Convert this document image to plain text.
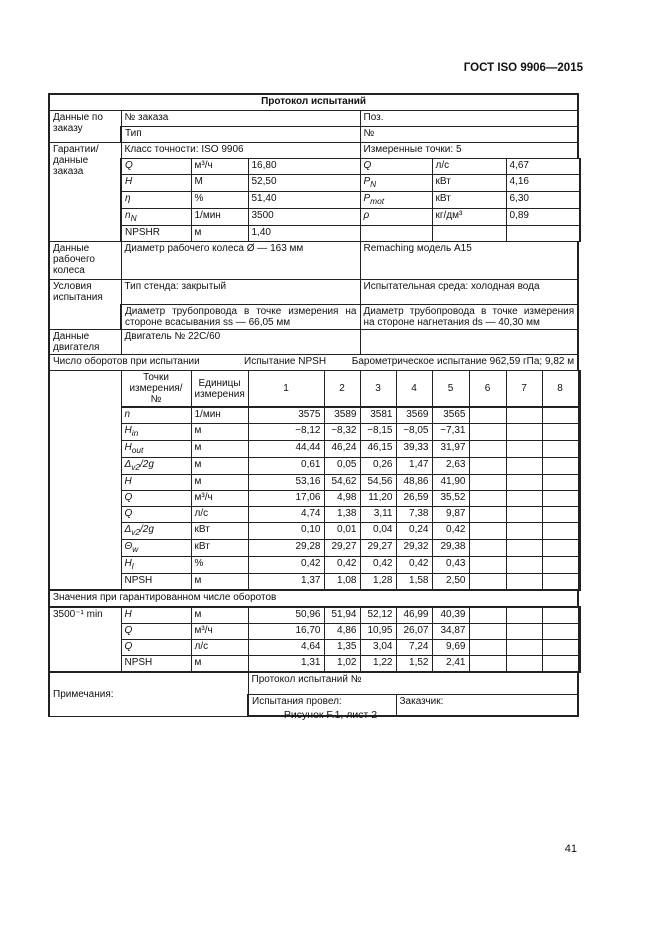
ГОСТ ISO 9906—2015
Протокол испытаний											
Данные по заказу	№ заказа				Поз.						
	Тип				№						
Гарантии/ данные заказа	Класс точности: ISO 9906				Измеренные точки: 5						
	Q	м³/ч	16,80		Q		л/с		4,67		
	H	М	52,50		$P_N$		кВт		4,16		
	η	%	51,40		$P_{mot}$		кВт		6,30		
	$n_N$	1/мин	3500		ρ		кг/дм³		0,89		
	NPSHR	м	1,40								
Данные рабочего колеса	Диаметр рабочего колеса Ø — 163 мм				Remaching модель A15						
Условия испытания	Тип стенда: закрытый				Испытательная среда: холодная вода						
	Диаметр трубопровода в точке измерения на стороне всасывания ss — 66,05 мм				Диаметр трубопровода в точке измерения на стороне нагнетания ds — 40,30 мм						
Данные двигателя	Двигатель № 22С/60										
Число оборотов при испытании Испытание NPSH Барометрическое испытание 962,59 гПа; 9,82 м											

	Точки измерения/ №	Единицы измерения	1	2	3	4	5	6	7	8	
	n	1/мин	3575	3589	3581	3569	3565				
	$H_{in}$	м	−8,12	−8,32	−8,15	−8,05	−7,31				
	$H_{out}$	м	44,44	46,24	46,15	39,33	31,97				
	$\Delta_{v2}/2g$	м	0,61	0,05	0,26	1,47	2,63				
	H	м	53,16	54,62	54,56	48,86	41,90				
	Q	м³/ч	17,06	4,98	11,20	26,59	35,52				
	Q	л/с	4,74	1,38	3,11	7,38	9,87				
	$\Delta_{v2}/2g$	кВт	0,10	0,01	0,04	0,24	0,42				
	$\Theta_w$	кВт	29,28	29,27	29,27	29,32	29,38				
	$H_l$	%	0,42	0,42	0,42	0,42	0,43				
	NPSH	м	1,37	1,08	1,28	1,58	2,50				
Значения при гарантированном числе оборотов											
3500⁻¹ min	H	м	50,96	51,94	52,12	46,99	40,39				
	Q	м³/ч	16,70	4,86	10,95	26,07	34,87				
	Q	л/с	4,64	1,35	3,04	7,24	9,69				
	NPSH	м	1,31	1,02	1,22	1,52	2,41				
Примечания:			Протокол испытаний №								
			Испытания провел:			Заказчик:					
Рисунок F.1, лист 2
41
